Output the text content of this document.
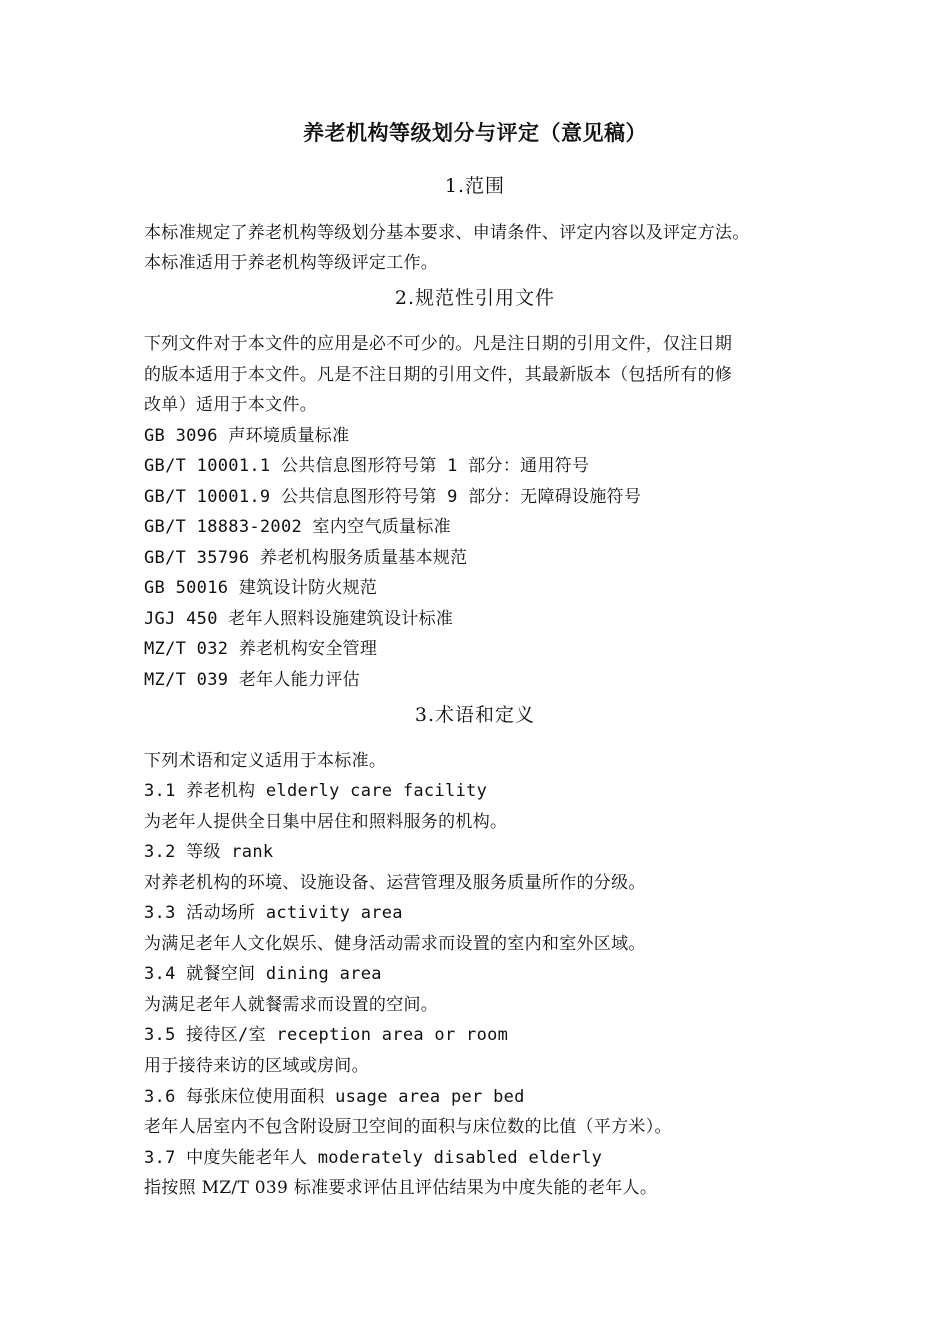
养老机构等级划分与评定（意见稿）
1.范围
本标准规定了养老机构等级划分基本要求、申请条件、评定内容以及评定方法。
本标准适用于养老机构等级评定工作。
2.规范性引用文件
下列文件对于本文件的应用是必不可少的。凡是注日期的引用文件，仅注日期
的版本适用于本文件。凡是不注日期的引用文件，其最新版本（包括所有的修
改单）适用于本文件。
GB 3096 声环境质量标准
GB/T 10001.1 公共信息图形符号第 1 部分：通用符号
GB/T 10001.9 公共信息图形符号第 9 部分：无障碍设施符号
GB/T 18883-2002 室内空气质量标准
GB/T 35796 养老机构服务质量基本规范
GB 50016 建筑设计防火规范
JGJ 450 老年人照料设施建筑设计标准
MZ/T 032 养老机构安全管理
MZ/T 039 老年人能力评估
3.术语和定义
下列术语和定义适用于本标准。
3.1 养老机构 elderly care facility
为老年人提供全日集中居住和照料服务的机构。
3.2 等级 rank
对养老机构的环境、设施设备、运营管理及服务质量所作的分级。
3.3 活动场所 activity area
为满足老年人文化娱乐、健身活动需求而设置的室内和室外区域。
3.4 就餐空间 dining area
为满足老年人就餐需求而设置的空间。
3.5 接待区/室 reception area or room
用于接待来访的区域或房间。
3.6 每张床位使用面积 usage area per bed
老年人居室内不包含附设厨卫空间的面积与床位数的比值（平方米）。
3.7 中度失能老年人 moderately disabled elderly
指按照 MZ/T 039 标准要求评估且评估结果为中度失能的老年人。
